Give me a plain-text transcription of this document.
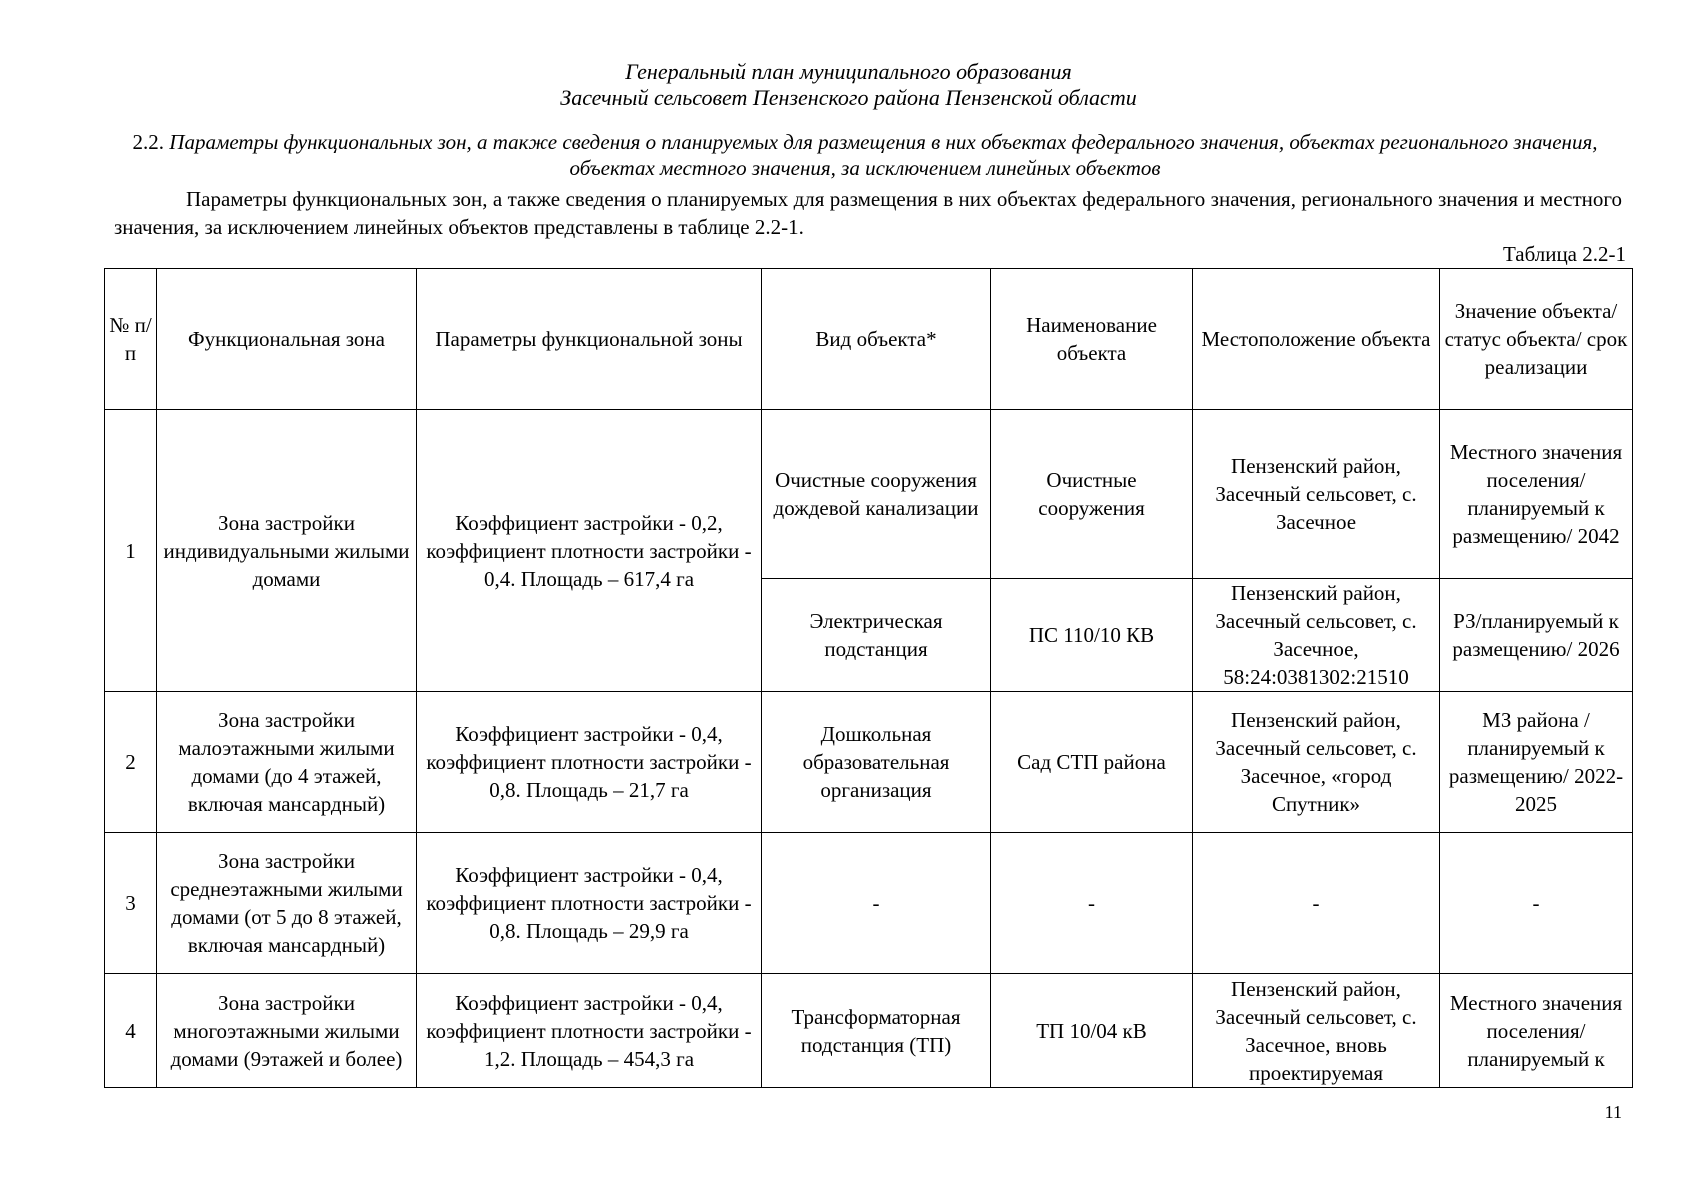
Генеральный план муниципального образования

Засечный сельсовет Пензенского района Пензенской области

2.2. Параметры функциональных зон, а также сведения о планируемых для размещения в них объектах федерального значения, объектах регионального значения, объектах местного значения, за исключением линейных объектов

Параметры функциональных зон, а также сведения о планируемых для размещения в них объектах федерального значения, регионального значения и местного значения, за исключением линейных объектов представлены в таблице 2.2-1.

Таблица 2.2-1

№ п/п	Функциональная зона	Параметры функциональной зоны	Вид объекта*	Наименование объекта	Местоположение объекта	Значение объекта/ статус объекта/ срок реализации
1	Зона застройки индивидуальными жилыми домами	Коэффициент застройки - 0,2, коэффициент плотности застройки - 0,4. Площадь – 617,4 га	Очистные сооружения дождевой канализации	Очистные сооружения	Пензенский район, Засечный сельсовет, с. Засечное	Местного значения поселения/ планируемый к размещению/ 2042
			Электрическая подстанция	ПС 110/10 КВ	Пензенский район, Засечный сельсовет, с. Засечное, 58:24:0381302:21510	РЗ/планируемый к размещению/ 2026
2	Зона застройки малоэтажными жилыми домами (до 4 этажей, включая мансардный)	Коэффициент застройки - 0,4, коэффициент плотности застройки - 0,8. Площадь – 21,7 га	Дошкольная образовательная организация	Сад СТП района	Пензенский район, Засечный сельсовет, с. Засечное, «город Спутник»	МЗ района /планируемый к размещению/ 2022-2025
3	Зона застройки среднеэтажными жилыми домами (от 5 до 8 этажей, включая мансардный)	Коэффициент застройки - 0,4, коэффициент плотности застройки - 0,8. Площадь – 29,9 га	-	-	-	-
4	Зона застройки многоэтажными жилыми домами (9этажей и более)	Коэффициент застройки - 0,4, коэффициент плотности застройки - 1,2. Площадь – 454,3 га	Трансформаторная подстанция (ТП)	ТП 10/04 кВ	Пензенский район, Засечный сельсовет, с. Засечное, вновь проектируемая	Местного значения поселения/ планируемый к

11
